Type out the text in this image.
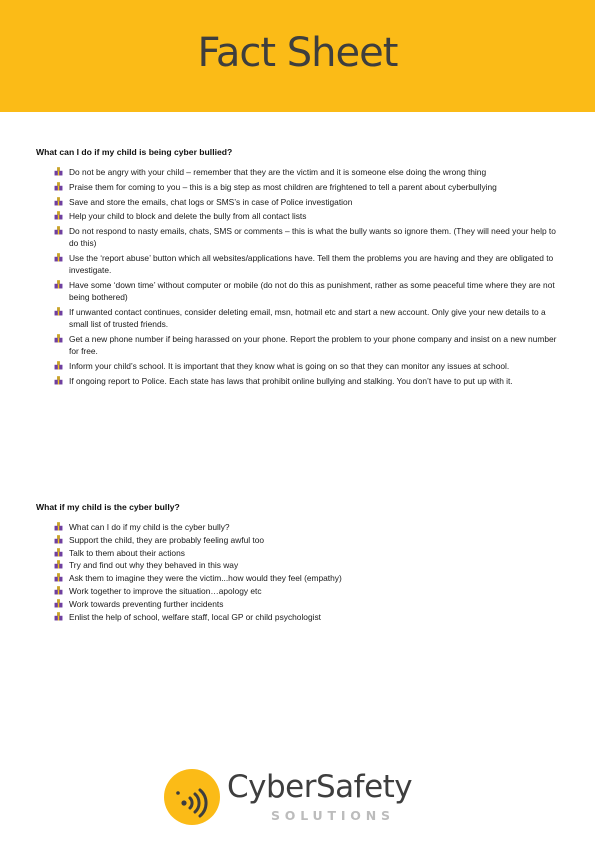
Fact Sheet
What can I do if my child is being cyber bullied?
Do not be angry with your child – remember that they are the victim and it is someone else doing the wrong thing
Praise them for coming to you – this is a big step as most children are frightened to tell a parent about cyberbullying
Save and store the emails, chat logs or SMS’s in case of Police investigation
Help your child to block and delete the bully from all contact lists
Do not respond to nasty emails, chats, SMS or comments – this is what the bully wants so ignore them. (They will need your help to do this)
Use the ‘report abuse’ button which all websites/applications have. Tell them the problems you are having and they are obligated to investigate.
Have some ‘down time’ without computer or mobile (do not do this as punishment, rather as some peaceful time where they are not being bothered)
If unwanted contact continues, consider deleting email, msn, hotmail etc and start a new account. Only give your new details to a small list of trusted friends.
Get a new phone number if being harassed on your phone. Report the problem to your phone company and insist on a new number for free.
Inform your child’s school. It is important that they know what is going on so that they can monitor any issues at school.
If ongoing report to Police. Each state has laws that prohibit online bullying and stalking. You don’t have to put up with it.
What if my child is the cyber bully?
What can I do if my child is the cyber bully?
Support the child, they are probably feeling awful too
Talk to them about their actions
Try and find out why they behaved in this way
Ask them to imagine they were the victim...how would they feel (empathy)
Work together to improve the situation…apology etc
Work towards preventing further incidents
Enlist the help of school, welfare staff, local GP or child psychologist
CyberSafety
SOLUTIONS
